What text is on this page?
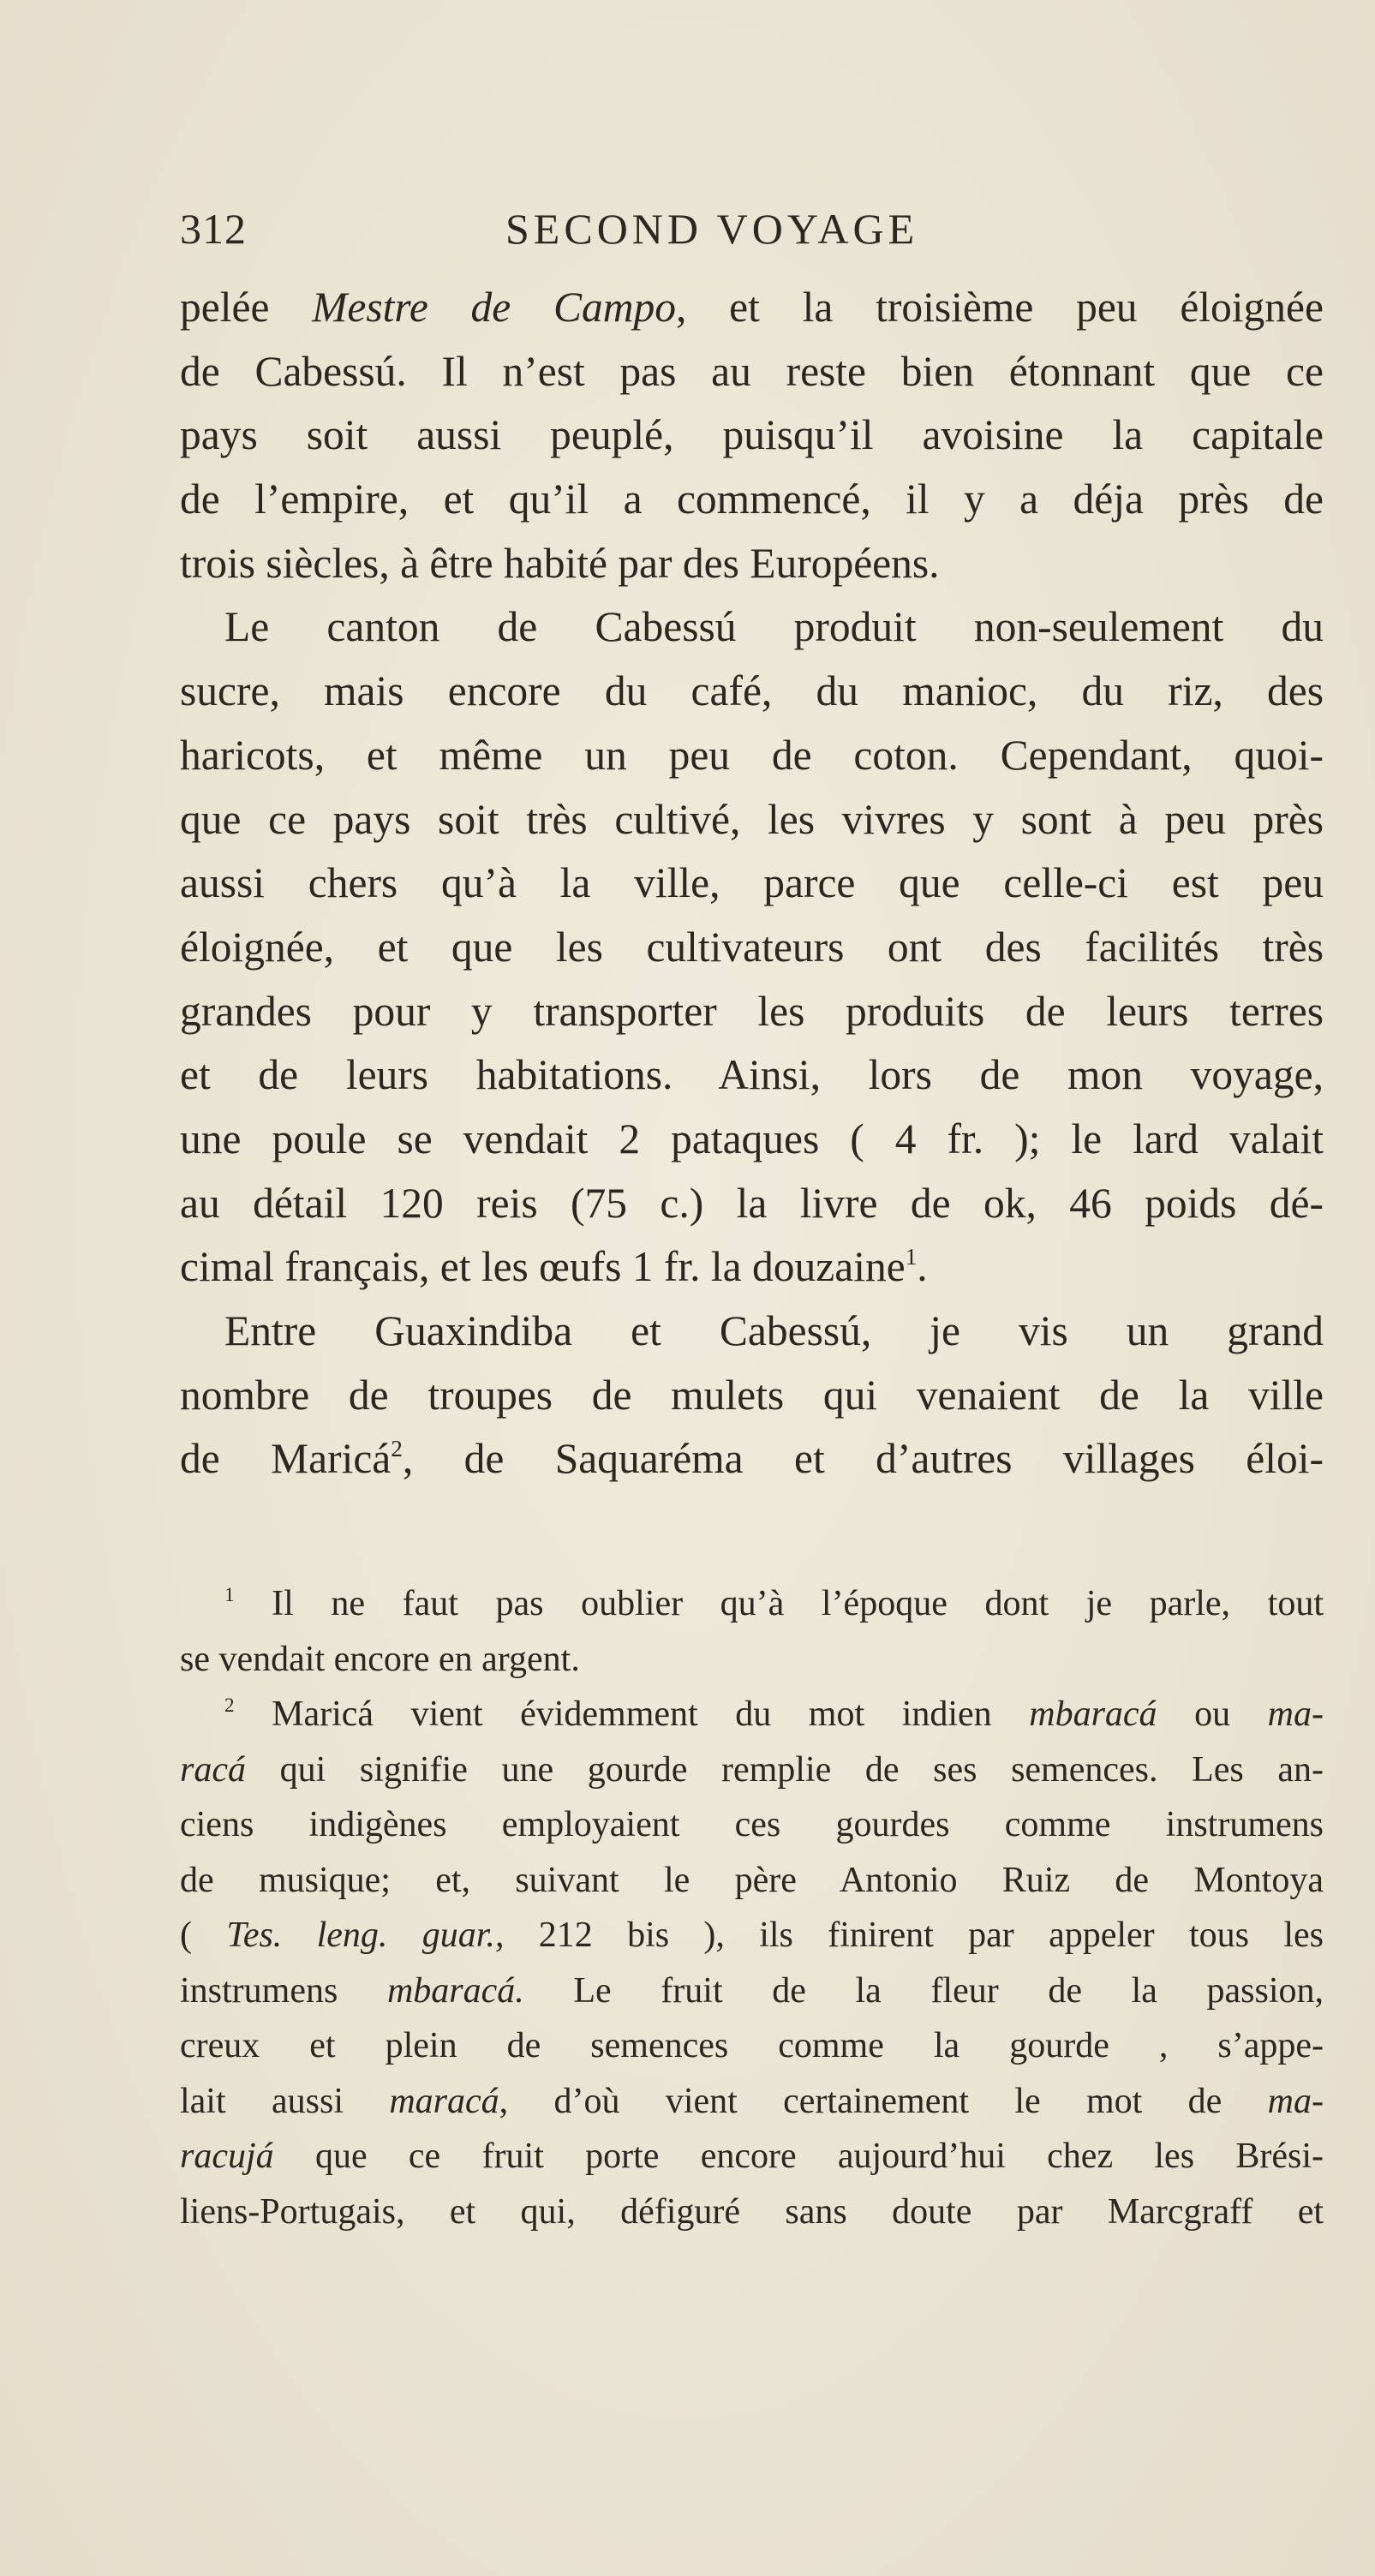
312	SECOND VOYAGE
pelée Mestre de Campo, et la troisième peu éloignée
de Cabessú. Il n’est pas au reste bien étonnant que ce
pays soit aussi peuplé, puisqu’il avoisine la capitale
de l’empire, et qu’il a commencé, il y a déja près de
trois siècles, à être habité par des Européens.
Le canton de Cabessú produit non-seulement du
sucre, mais encore du café, du manioc, du riz, des
haricots, et même un peu de coton. Cependant, quoi-
que ce pays soit très cultivé, les vivres y sont à peu près
aussi chers qu’à la ville, parce que celle-ci est peu
éloignée, et que les cultivateurs ont des facilités très
grandes pour y transporter les produits de leurs terres
et de leurs habitations. Ainsi, lors de mon voyage,
une poule se vendait 2 pataques ( 4 fr. ); le lard valait
au détail 120 reis (75 c.) la livre de ok, 46 poids dé-
cimal français, et les œufs 1 fr. la douzaine$^1$.
Entre Guaxindiba et Cabessú, je vis un grand
nombre de troupes de mulets qui venaient de la ville
de Maricá$^2$, de Saquaréma et d’autres villages éloi-
$^1$ Il ne faut pas oublier qu’à l’époque dont je parle, tout
se vendait encore en argent.
$^2$ Maricá vient évidemment du mot indien mbaracá ou ma-
racá qui signifie une gourde remplie de ses semences. Les an-
ciens indigènes employaient ces gourdes comme instrumens
de musique; et, suivant le père Antonio Ruiz de Montoya
( Tes. leng. guar., 212 bis ), ils finirent par appeler tous les
instrumens mbaracá. Le fruit de la fleur de la passion,
creux et plein de semences comme la gourde , s’appe-
lait aussi maracá, d’où vient certainement le mot de ma-
racujá que ce fruit porte encore aujourd’hui chez les Brési-
liens-Portugais, et qui, défiguré sans doute par Marcgraff et
